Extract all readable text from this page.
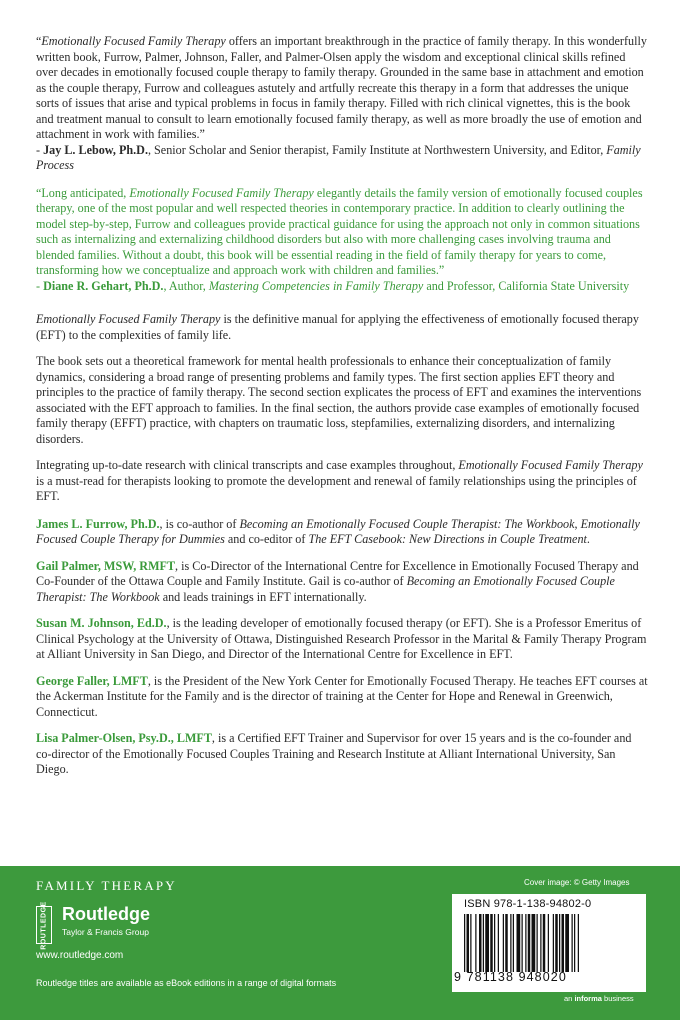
“Emotionally Focused Family Therapy offers an important breakthrough in the practice of family therapy. In this wonderfully written book, Furrow, Palmer, Johnson, Faller, and Palmer-Olsen apply the wisdom and exceptional clinical skills refined over decades in emotionally focused couple therapy to family therapy. Grounded in the same base in attachment and emotion as the couple therapy, Furrow and colleagues astutely and artfully recreate this therapy in a form that addresses the unique sorts of issues that arise and typical problems in focus in family therapy. Filled with rich clinical vignettes, this is the book and treatment manual to consult to learn emotionally focused family therapy, as well as more broadly the use of emotion and attachment in work with families.”

- Jay L. Lebow, Ph.D., Senior Scholar and Senior therapist, Family Institute at Northwestern University, and Editor, Family Process

“Long anticipated, Emotionally Focused Family Therapy elegantly details the family version of emotionally focused couples therapy, one of the most popular and well respected theories in contemporary practice. In addition to clearly outlining the model step-by-step, Furrow and colleagues provide practical guidance for using the approach not only in common situations such as internalizing and externalizing childhood disorders but also with more challenging cases involving trauma and blended families. Without a doubt, this book will be essential reading in the field of family therapy for years to come, transforming how we conceptualize and approach work with children and families.”

- Diane R. Gehart, Ph.D., Author, Mastering Competencies in Family Therapy and Professor, California State University

Emotionally Focused Family Therapy is the definitive manual for applying the effectiveness of emotionally focused therapy (EFT) to the complexities of family life.

The book sets out a theoretical framework for mental health professionals to enhance their conceptualization of family dynamics, considering a broad range of presenting problems and family types. The first section applies EFT theory and principles to the practice of family therapy. The second section explicates the process of EFT and examines the interventions associated with the EFT approach to families. In the final section, the authors provide case examples of emotionally focused family therapy (EFFT) practice, with chapters on traumatic loss, stepfamilies, externalizing disorders, and internalizing disorders.

Integrating up-to-date research with clinical transcripts and case examples throughout, Emotionally Focused Family Therapy is a must-read for therapists looking to promote the development and renewal of family relationships using the principles of EFT.

James L. Furrow, Ph.D., is co-author of Becoming an Emotionally Focused Couple Therapist: The Workbook, Emotionally Focused Couple Therapy for Dummies and co-editor of The EFT Casebook: New Directions in Couple Treatment.

Gail Palmer, MSW, RMFT, is Co-Director of the International Centre for Excellence in Emotionally Focused Therapy and Co-Founder of the Ottawa Couple and Family Institute. Gail is co-author of Becoming an Emotionally Focused Couple Therapist: The Workbook and leads trainings in EFT internationally.

Susan M. Johnson, Ed.D., is the leading developer of emotionally focused therapy (or EFT). She is a Professor Emeritus of Clinical Psychology at the University of Ottawa, Distinguished Research Professor in the Marital & Family Therapy Program at Alliant University in San Diego, and Director of the International Centre for Excellence in EFT.

George Faller, LMFT, is the President of the New York Center for Emotionally Focused Therapy. He teaches EFT courses at the Ackerman Institute for the Family and is the director of training at the Center for Hope and Renewal in Greenwich, Connecticut.

Lisa Palmer-Olsen, Psy.D., LMFT, is a Certified EFT Trainer and Supervisor for over 15 years and is the co-founder and co-director of the Emotionally Focused Couples Training and Research Institute at Alliant International University, San Diego.

FAMILY THERAPY
ROUTLEDGE Routledge
Taylor & Francis Group
www.routledge.com
Routledge titles are available as eBook editions in a range of digital formats
Cover image: © Getty Images
ISBN 978-1-138-94802-0
9 781138 948020
an informa business
